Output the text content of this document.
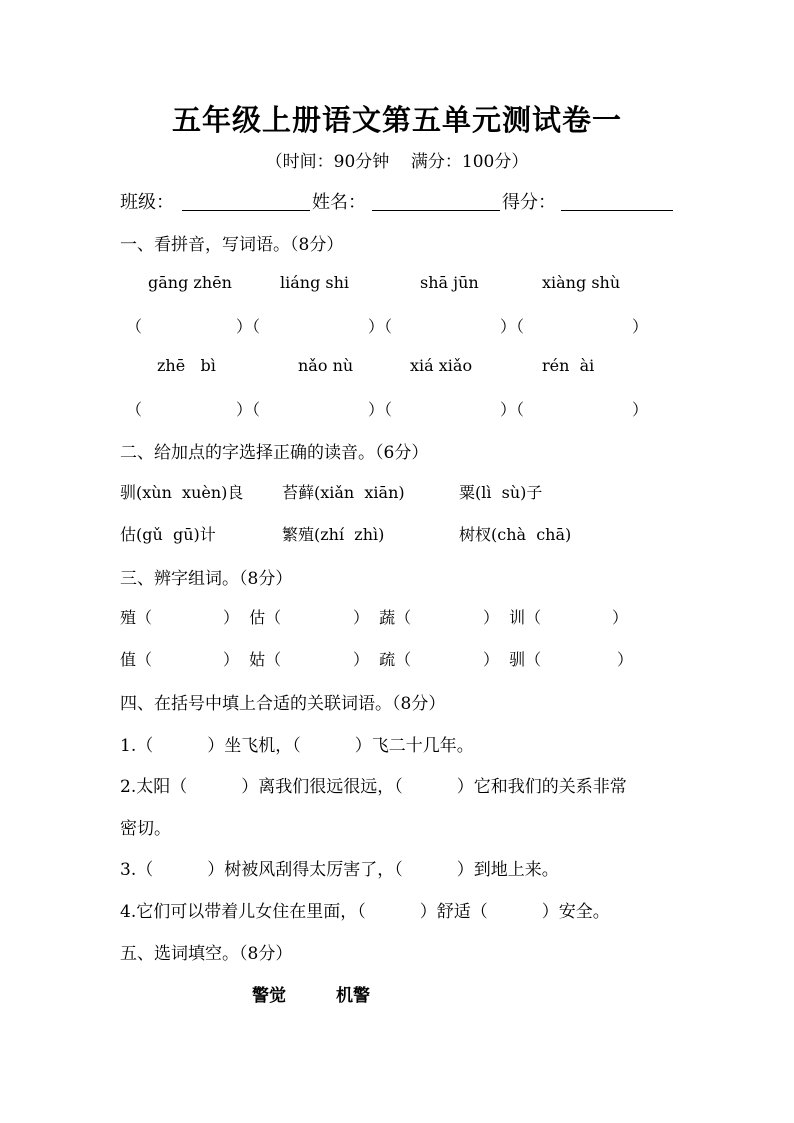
五年级上册语文第五单元测试卷一
（时间：90分钟    满分：100分）
班级：	姓名：	得分：
一、看拼音，写词语。（8分）
gāng zhēn	liáng shi	shā jūn	xiàng shù
（	）（	）（	）（	）
zhē   bì	nǎo nù	xiá xiǎo	rén  ài
（	）（	）（	）（	）
二、给加点的字选择正确的读音。（6分）
驯(xùn  xuèn)良 苔藓(xiǎn  xiān)	粟(lì  sù)子
估(gǔ  gū)计	繁殖(zhí  zhì)	树杈(chà  chā)
三、辨字组词。（8分）
殖（	）  估（	）  蔬（	）  训（	）
值（	）  姑（	）  疏（	）  驯（	）
四、在括号中填上合适的关联词语。（8分）
1.（          ）坐飞机，（          ）飞二十几年。
2.太阳（          ）离我们很远很远，（          ）它和我们的关系非常
密切。
3.（          ）树被风刮得太厉害了，（          ）到地上来。
4.它们可以带着儿女住在里面，（          ）舒适（          ）安全。
五、选词填空。（8分）
警觉	机警
